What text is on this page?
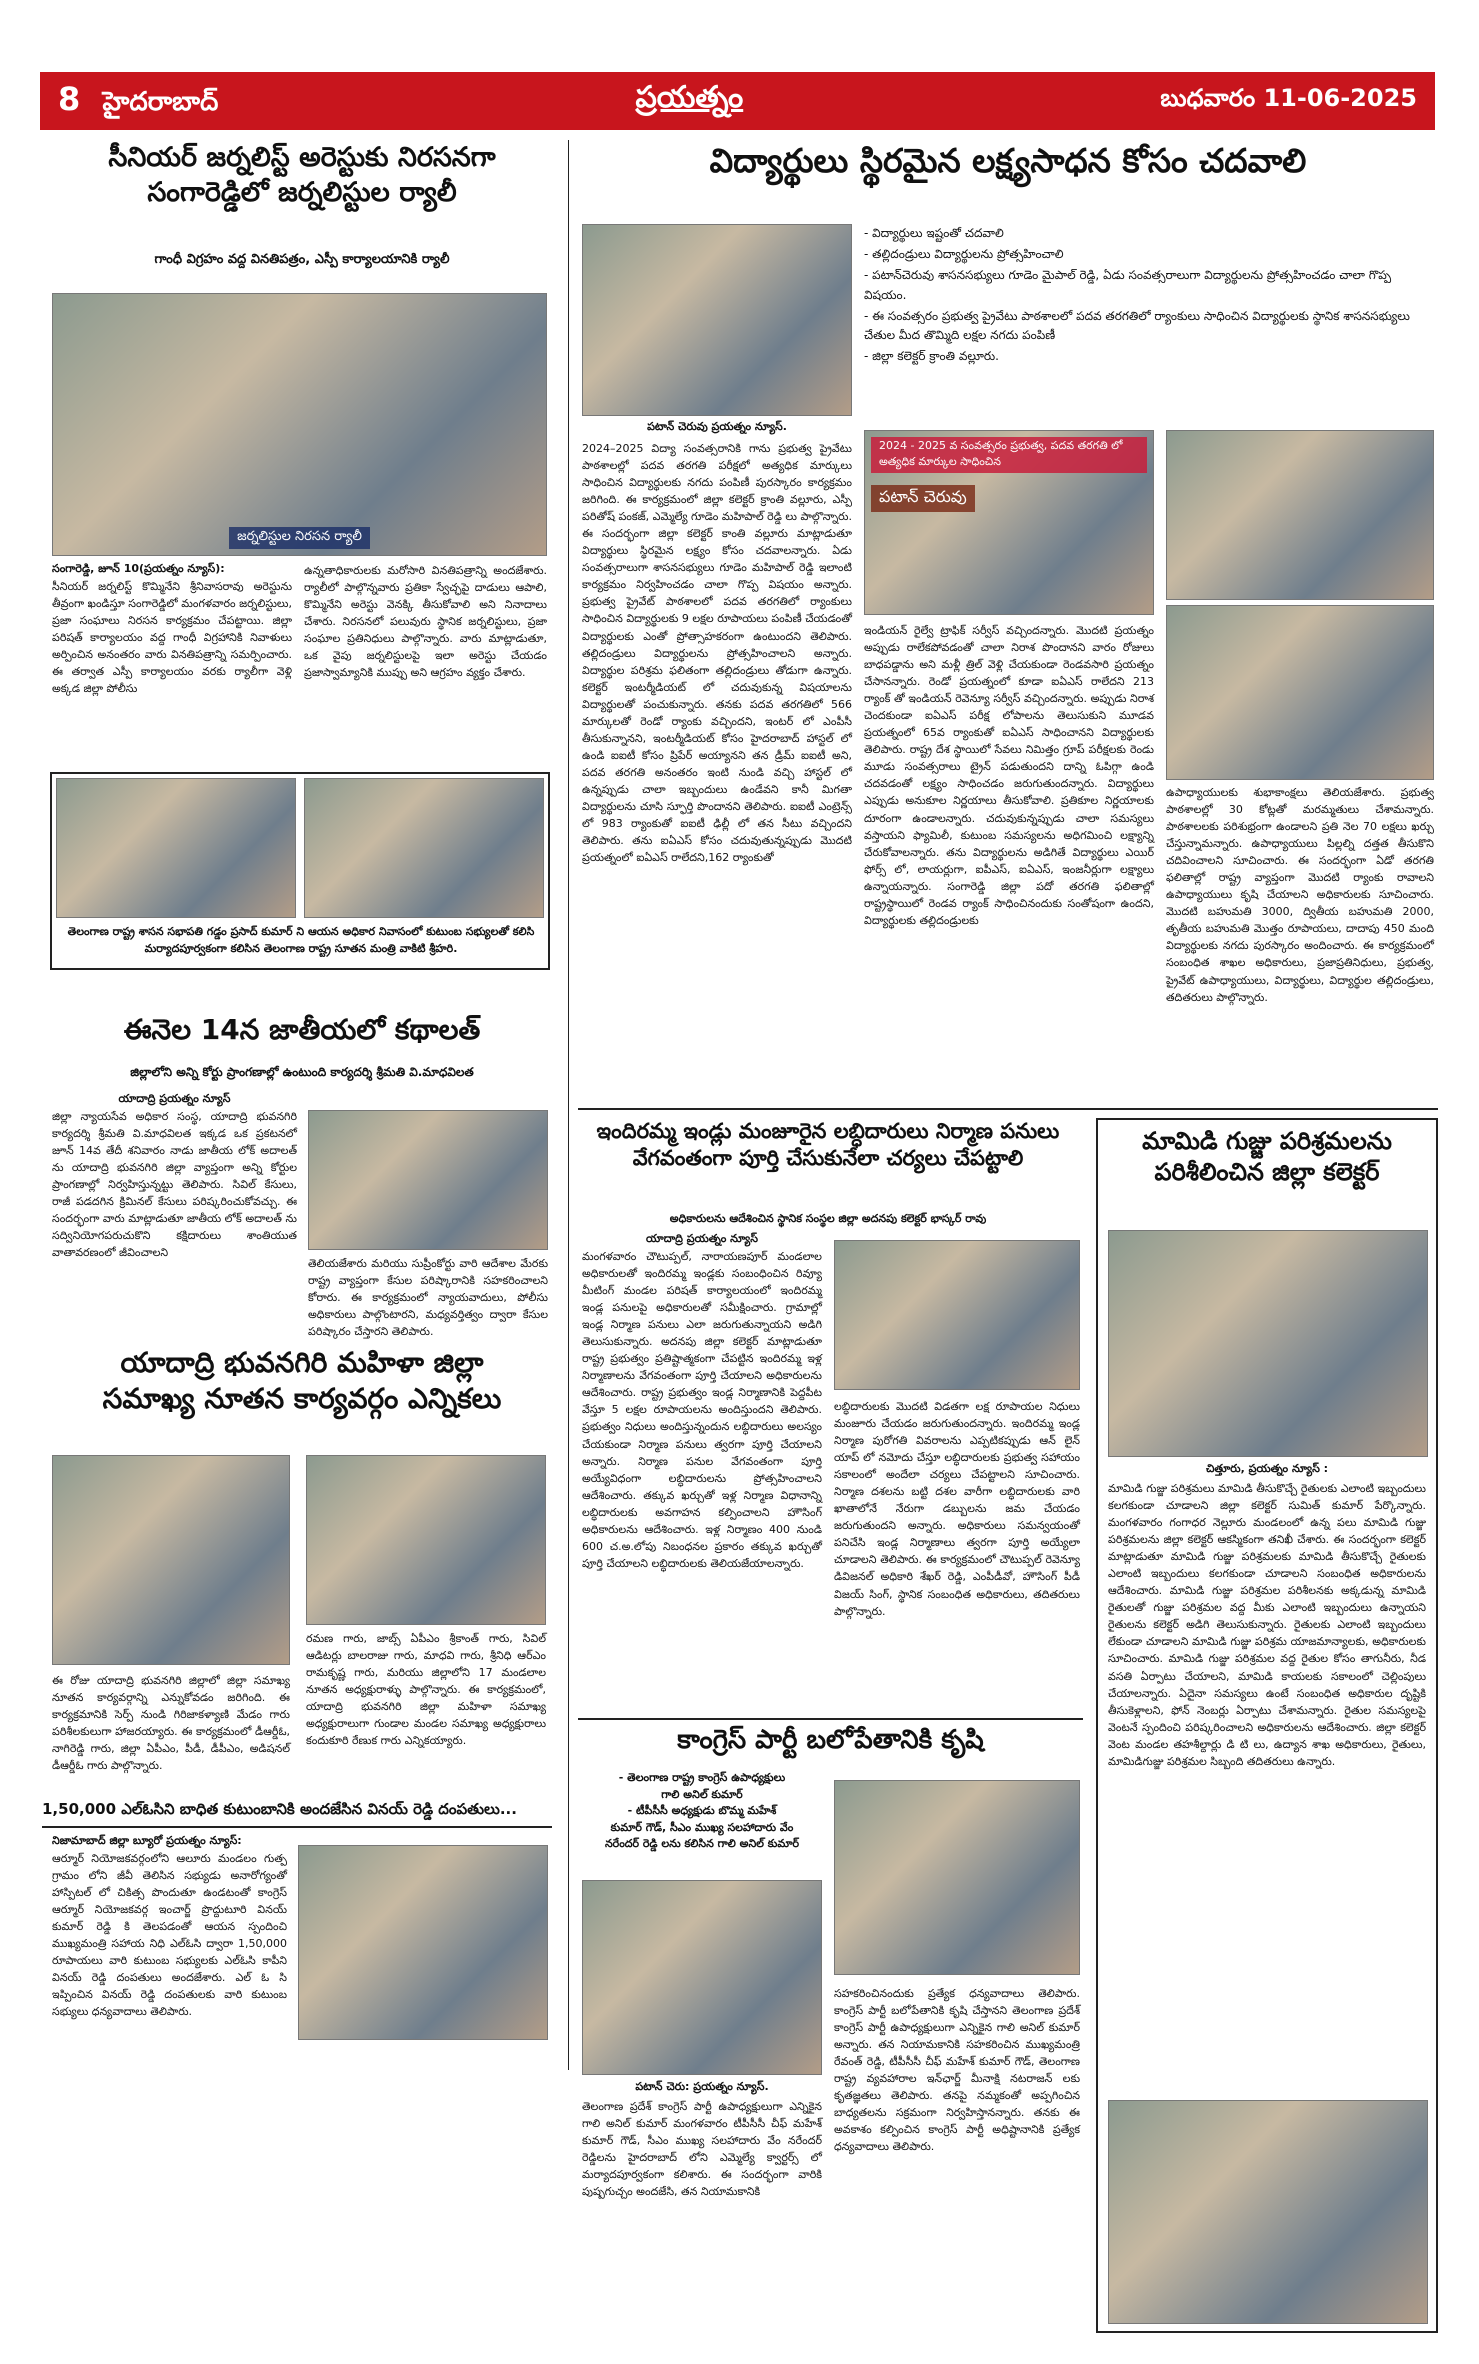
8 హైదరాబాద్	ప్రయత్నం	బుధవారం 11-06-2025
సీనియర్ జర్నలిస్ట్ అరెస్టుకు నిరసనగా
సంగారెడ్డిలో జర్నలిస్టుల ర్యాలీ
గాంధీ విగ్రహం వద్ద వినతిపత్రం, ఎస్పీ కార్యాలయానికి ర్యాలీ
జర్నలిస్టుల నిరసన ర్యాలీ
సంగారెడ్డి, జూన్ 10(ప్రయత్నం న్యూస్):
సీనియర్ జర్నలిస్ట్ కొమ్మినేని శ్రీనివాసరావు అరెస్టును తీవ్రంగా ఖండిస్తూ సంగారెడ్డిలో మంగళవారం జర్నలిస్టులు, ప్రజా సంఘాలు నిరసన కార్యక్రమం చేపట్టాయి. జిల్లా పరిషత్ కార్యాలయం వద్ద గాంధీ విగ్రహానికి నివాళులు అర్పించిన అనంతరం వారు వినతిపత్రాన్ని సమర్పించారు. ఈ తర్వాత ఎస్పీ కార్యాలయం వరకు ర్యాలీగా వెళ్లి అక్కడ జిల్లా పోలీసు
ఉన్నతాధికారులకు మరోసారి వినతిపత్రాన్ని అందజేశారు. ర్యాలీలో పాల్గొన్నవారు ప్రతికా స్వేచ్ఛపై దాడులు ఆపాలి, కొమ్మినేని అరెస్టు వెనక్కి తీసుకోవాలి అని నినాదాలు చేశారు. నిరసనలో పలువురు స్థానిక జర్నలిస్టులు, ప్రజా సంఘాల ప్రతినిధులు పాల్గొన్నారు. వారు మాట్లాడుతూ, ఒక వైపు జర్నలిస్టులపై ఇలా అరెస్టు చేయడం ప్రజాస్వామ్యానికి ముప్పు అని ఆగ్రహం వ్యక్తం చేశారు.
తెలంగాణ రాష్ట్ర శాసన సభాపతి గడ్డం ప్రసాద్ కుమార్ ని ఆయన అధికార నివాసంలో కుటుంబ సభ్యులతో కలిసి మర్యాదపూర్వకంగా కలిసిన తెలంగాణ రాష్ట్ర సూతన మంత్రి వాకిటి శ్రీహరి.
ఈనెల 14న జాతీయలో కథాలత్
జిల్లాలోని అన్ని కోర్టు ప్రాంగణాల్లో ఉంటుంది కార్యదర్శి శ్రీమతి వి.మాధవిలత
యాదాద్రి ప్రయత్నం న్యూస్
జిల్లా న్యాయసేవ అధికార సంస్థ, యాదాద్రి భువనగిరి కార్యదర్శి శ్రీమతి వి.మాధవిలత ఇక్కడ ఒక ప్రకటనలో జూన్ 14వ తేదీ శనివారం నాడు జాతీయ లోక్ అదాలత్ ను యాదాద్రి భువనగిరి జిల్లా వ్యాప్తంగా అన్ని కోర్టుల ప్రాంగణాల్లో నిర్వహిస్తున్నట్టు తెలిపారు. సివిల్ కేసులు, రాజీ పడదగిన క్రిమినల్ కేసులు పరిష్కరించుకోవచ్చు. ఈ సందర్భంగా వారు మాట్లాడుతూ జాతీయ లోక్ అదాలత్ ను సద్వినియోగపరుచుకొని కక్షిదారులు శాంతియుత వాతావరణంలో జీవించాలని
తెలియజేశారు మరియు సుప్రీంకోర్టు వారి ఆదేశాల మేరకు రాష్ట్ర వ్యాప్తంగా కేసుల పరిష్కారానికి సహకరించాలని కోరారు. ఈ కార్యక్రమంలో న్యాయవాదులు, పోలీసు అధికారులు పాల్గొంటారని, మధ్యవర్తిత్వం ద్వారా కేసుల పరిష్కారం చేస్తారని తెలిపారు.
యాదాద్రి భువనగిరి మహిళా జిల్లా
సమాఖ్య నూతన కార్యవర్గం ఎన్నికలు
ఈ రోజు యాదాద్రి భువనగిరి జిల్లాలో జిల్లా సమాఖ్య నూతన కార్యవర్గాన్ని ఎన్నుకోవడం జరిగింది. ఈ కార్యక్రమానికి సెర్ప్ నుండి గిరిజాకళ్యాణి మేడం గారు పరిశీలకులుగా హాజరయ్యారు. ఈ కార్యక్రమంలో డీఆర్డీఓ, నాగిరెడ్డి గారు, జిల్లా ఏపీఎం, పీడీ, డీపీఎం, అడిషనల్ డీఆర్డీఓ గారు పాల్గొన్నారు.
రమణ గారు, జాబ్స్ ఏపీఎం శ్రీకాంత్ గారు, సివిల్ ఆడిటర్లు బాలరాజు గారు, మాధవి గారు, శ్రీనిధి ఆర్ఎం రామకృష్ణ గారు, మరియు జిల్లాలోని 17 మండలాల నూతన అధ్యక్షురాళ్ళు పాల్గొన్నారు. ఈ కార్యక్రమంలో, యాదాద్రి భువనగిరి జిల్లా మహిళా సమాఖ్య అధ్యక్షురాలుగా గుండాల మండల సమాఖ్య అధ్యక్షురాలు కందుకూరి రేణుక గారు ఎన్నికయ్యారు.
1,50,000 ఎల్ఓసిని బాధిత కుటుంబానికి అందజేసిన వినయ్ రెడ్డి దంపతులు...
నిజామాబాద్ జిల్లా బ్యూరో ప్రయత్నం న్యూస్:
ఆర్మూర్ నియోజకవర్గంలోని ఆలూరు మండలం గుత్ప గ్రామం లోని జీవీ తెలిసిన సభ్యుడు అనారోగ్యంతో హాస్పిటల్ లో చికిత్స పొందుతూ ఉండటంతో కాంగ్రెస్ ఆర్మూర్ నియోజకవర్గ ఇంచార్జ్ ప్రొద్దుటూరి వినయ్ కుమార్ రెడ్డి కి తెలపడంతో ఆయన స్పందించి ముఖ్యమంత్రి సహాయ నిధి ఎల్ఓసి ద్వారా 1,50,000 రూపాయలు వారి కుటుంబ సభ్యులకు ఎల్ఓసి కాపీని వినయ్ రెడ్డి దంపతులు అందజేశారు. ఎల్ ఓ సి ఇప్పించిన వినయ్ రెడ్డి దంపతులకు వారి కుటుంబ సభ్యులు ధన్యవాదాలు తెలిపారు.
విద్యార్థులు స్థిరమైన లక్ష్యసాధన కోసం చదవాలి
పటాన్ చెరువు ప్రయత్నం న్యూస్.
- విద్యార్థులు ఇష్టంతో చదవాలి
- తల్లిదండ్రులు విద్యార్థులను ప్రోత్సహించాలి
- పటాన్‌చెరువు శాసనసభ్యులు గూడెం మైపాల్ రెడ్డి, ఏడు సంవత్సరాలుగా విద్యార్థులను ప్రోత్సహించడం చాలా గొప్ప విషయం.
- ఈ సంవత్సరం ప్రభుత్వ ప్రైవేటు పాఠశాలలో పదవ తరగతిలో ర్యాంకులు సాధించిన విద్యార్థులకు స్థానిక శాసనసభ్యులు చేతుల మీద తొమ్మిది లక్షల నగదు పంపిణీ
- జిల్లా కలెక్టర్ క్రాంతి వల్లూరు.
2024–2025 విద్యా సంవత్సరానికి గాను ప్రభుత్వ ప్రైవేటు పాఠశాలల్లో పదవ తరగతి పరీక్షలో అత్యధిక మార్కులు సాధించిన విద్యార్థులకు నగదు పంపిణీ పురస్కారం కార్యక్రమం జరిగింది. ఈ కార్యక్రమంలో జిల్లా కలెక్టర్ క్రాంతి వల్లూరు, ఎస్పీ పరితోష్ పంకజ్, ఎమ్మెల్యే గూడెం మహిపాల్ రెడ్డి లు పాల్గొన్నారు. ఈ సందర్భంగా జిల్లా కలెక్టర్ కాంతి వల్లూరు మాట్లాడుతూ విద్యార్థులు స్థిరమైన లక్ష్యం కోసం చదవాలన్నారు. ఏడు సంవత్సరాలుగా శాసనసభ్యులు గూడెం మహిపాల్ రెడ్డి ఇలాంటి కార్యక్రమం నిర్వహించడం చాలా గొప్ప విషయం అన్నారు. ప్రభుత్వ ప్రైవేట్ పాఠశాలలో పదవ తరగతిలో ర్యాంకులు సాధించిన విద్యార్థులకు 9 లక్షల రూపాయలు పంపిణీ చేయడంతో విద్యార్థులకు ఎంతో ప్రోత్సాహకరంగా ఉంటుందని తెలిపారు. తల్లిదండ్రులు విద్యార్థులను ప్రోత్సహించాలని అన్నారు. విద్యార్థుల పరిశ్రమ ఫలితంగా తల్లిదండ్రులు తోడుగా ఉన్నారు. కలెక్టర్ ఇంటర్మీడియట్ లో చదువుకున్న విషయాలను విద్యార్థులతో పంచుకున్నారు. తనకు పదవ తరగతిలో 566 మార్కులతో రెండో ర్యాంకు వచ్చిందని, ఇంటర్ లో ఎంపీసీ తీసుకున్నానని, ఇంటర్మీడియట్ కోసం హైదరాబాద్ హాస్టల్ లో ఉండి ఐఐటీ కోసం ప్రిపేర్ అయ్యానని తన డ్రీమ్ ఐఐటీ అని, పదవ తరగతి అనంతరం ఇంటి నుండి వచ్చి హాస్టల్ లో ఉన్నప్పుడు చాలా ఇబ్బందులు ఉండేవని కానీ మిగతా విద్యార్థులను చూసి స్ఫూర్తి పొందానని తెలిపారు. ఐఐటీ ఎంట్రెన్స్ లో 983 ర్యాంకుతో ఐఐటీ ఢిల్లీ లో తన సీటు వచ్చిందని తెలిపారు. తను ఐఏఎస్ కోసం చదువుతున్నప్పుడు మొదటి ప్రయత్నంలో ఐఏఎస్ రాలేదని,162 ర్యాంకుతో
2024 - 2025 వ సంవత్సరం ప్రభుత్వ, పదవ తరగతి లో అత్యధిక మార్కుల సాధించిన
పటాన్ చెరువు
ఇండియన్ రైల్వే ట్రాఫిక్ సర్వీస్ వచ్చిందన్నారు. మొదటి ప్రయత్నం అప్పుడు రాలేకపోవడంతో చాలా నిరాశ పొందానని వారం రోజులు బాధపడ్డాను అని మళ్లీ త్రిల్ వెళ్లి చేయకుండా రెండవసారి ప్రయత్నం చేసానన్నారు. రెండో ప్రయత్నంలో కూడా ఐఏఎస్ రాలేదని 213 ర్యాంక్ తో ఇండియన్ రెవెన్యూ సర్వీస్ వచ్చిందన్నారు. అప్పుడు నిరాశ చెందకుండా ఐఏఎస్ పరీక్ష లోపాలను తెలుసుకుని మూడవ ప్రయత్నంలో 65వ ర్యాంకుతో ఐఏఎస్ సాధించానని విద్యార్థులకు తెలిపారు. రాష్ట్ర దేశ స్థాయిలో సేవలు నిమిత్తం గ్రూప్ పరీక్షలకు రెండు మూడు సంవత్సరాలు ట్రైన్ పడుతుందని దాన్ని ఓపిగ్గా ఉండి చదవడంతో లక్ష్యం సాధించడం జరుగుతుందన్నారు. విద్యార్థులు ఎప్పుడు అనుకూల నిర్ణయాలు తీసుకోవాలి. ప్రతికూల నిర్ణయాలకు దూరంగా ఉండాలన్నారు. చదువుకున్నప్పుడు చాలా సమస్యలు వస్తాయని ఫ్యామిలీ, కుటుంబ సమస్యలను అధిగమించి లక్ష్యాన్ని చేరుకోవాలన్నారు. తను విద్యార్థులను అడిగితే విద్యార్థులు ఎయిర్ ఫోర్స్ లో, లాయర్లుగా, ఐపీఎస్, ఐఏఎస్, ఇంజనీర్లుగా లక్ష్యాలు ఉన్నాయన్నారు. సంగారెడ్డి జిల్లా పదో తరగతి ఫలితాల్లో రాష్ట్రస్థాయిలో రెండవ ర్యాంక్ సాధించినందుకు సంతోషంగా ఉందని, విద్యార్థులకు తల్లిదండ్రులకు
ఉపాధ్యాయులకు శుభాకాంక్షలు తెలియజేశారు. ప్రభుత్వ పాఠశాలల్లో 30 కోట్లతో మరమ్మతులు చేశామన్నారు. పాఠశాలలకు పరిశుభ్రంగా ఉండాలని ప్రతి నెల 70 లక్షలు ఖర్చు చేస్తున్నామన్నారు. ఉపాధ్యాయులు పిల్లల్ని దత్తత తీసుకొని చదివించాలని సూచించారు. ఈ సందర్భంగా ఏడో తరగతి ఫలితాల్లో రాష్ట్ర వ్యాప్తంగా మొదటి ర్యాంకు రావాలని ఉపాధ్యాయులు కృషి చేయాలని అధికారులకు సూచించారు. మొదటి బహుమతి 3000, ద్వితీయ బహుమతి 2000, తృతీయ బహుమతి మొత్తం రూపాయలు, దాదాపు 450 మంది విద్యార్థులకు నగదు పురస్కారం అందించారు. ఈ కార్యక్రమంలో సంబంధిత శాఖల అధికారులు, ప్రజాప్రతినిధులు, ప్రభుత్వ, ప్రైవేట్ ఉపాధ్యాయులు, విద్యార్థులు, విద్యార్థుల తల్లిదండ్రులు, తదితరులు పాల్గొన్నారు.
ఇందిరమ్మ ఇండ్లు మంజూరైన లబ్ధిదారులు నిర్మాణ పనులు
వేగవంతంగా పూర్తి చేసుకునేలా చర్యలు చేపట్టాలి
అధికారులను ఆదేశించిన స్థానిక సంస్థల జిల్లా అదనపు కలెక్టర్ భాస్కర్ రావు
యాదాద్రి ప్రయత్నం న్యూస్
మంగళవారం చౌటుప్పల్, నారాయణపూర్ మండలాల అధికారులతో ఇందిరమ్మ ఇండ్లకు సంబంధించిన రివ్యూ మీటింగ్ మండల పరిషత్ కార్యాలయంలో ఇందిరమ్మ ఇండ్ల పనులపై అధికారులతో సమీక్షించారు. గ్రామాల్లో ఇండ్ల నిర్మాణ పనులు ఎలా జరుగుతున్నాయని అడిగి తెలుసుకున్నారు. అదనపు జిల్లా కలెక్టర్ మాట్లాడుతూ రాష్ట్ర ప్రభుత్వం ప్రతిష్టాత్మకంగా చేపట్టిన ఇందిరమ్మ ఇళ్ల నిర్మాణాలను వేగవంతంగా పూర్తి చేయాలని అధికారులను ఆదేశించారు. రాష్ట్ర ప్రభుత్వం ఇండ్ల నిర్మాణానికి పెద్దపీట వేస్తూ 5 లక్షల రూపాయలను అందిస్తుందని తెలిపారు. ప్రభుత్వం నిధులు అందిస్తున్నందున లబ్ధిదారులు అలస్యం చేయకుండా నిర్మాణ పనులు త్వరగా పూర్తి చేయాలని అన్నారు. నిర్మాణ పనుల వేగవంతంగా పూర్తి అయ్యేవిధంగా లబ్ధిదారులను ప్రోత్సహించాలని ఆదేశించారు. తక్కువ ఖర్చుతో ఇళ్ల నిర్మాణ విధానాన్ని లబ్ధిదారులకు అవగాహన కల్పించాలని హౌసింగ్ అధికారులను ఆదేశించారు. ఇళ్ల నిర్మాణం 400 నుండి 600 చ.అ.లోపు నిబంధనల ప్రకారం తక్కువ ఖర్చుతో పూర్తి చేయాలని లబ్ధిదారులకు తెలియజేయాలన్నారు.
లబ్ధిదారులకు మొదటి విడతగా లక్ష రూపాయల నిధులు మంజూరు చేయడం జరుగుతుందన్నారు. ఇందిరమ్మ ఇండ్ల నిర్మాణ పురోగతి వివరాలను ఎప్పటికప్పుడు ఆన్ లైన్ యాప్ లో నమోదు చేస్తూ లబ్ధిదారులకు ప్రభుత్వ సహాయం సకాలంలో అందేలా చర్యలు చేపట్టాలని సూచించారు. నిర్మాణ దశలను బట్టి దశల వారీగా లబ్ధిదారులకు వారి ఖాతాలోనే నేరుగా డబ్బులను జమ చేయడం జరుగుతుందని అన్నారు. అధికారులు సమన్వయంతో పనిచేసి ఇండ్ల నిర్మాణాలు త్వరగా పూర్తి అయ్యేలా చూడాలని తెలిపారు. ఈ కార్యక్రమంలో చౌటుప్పల్ రెవెన్యూ డివిజనల్ అధికారి శేఖర్ రెడ్డి, ఎంపీడీవో, హౌసింగ్ పీడీ విజయ్ సింగ్, స్థానిక సంబంధిత అధికారులు, తదితరులు పాల్గొన్నారు.
కాంగ్రెస్ పార్టీ బలోపేతానికి కృషి
- తెలంగాణ రాష్ట్ర కాంగ్రెస్ ఉపాధ్యక్షులు
గాలి అనిల్ కుమార్
- టీపీసీసీ అధ్యక్షుడు బొమ్మ మహేశ్
కుమార్ గౌడ్, సీఎం ముఖ్య సలహాదారు వేం
నరేందర్ రెడ్డి లను కలిసిన గాలి అనిల్ కుమార్
పటాన్ చెరు: ప్రయత్నం న్యూస్.
తెలంగాణ ప్రదేశ్ కాంగ్రెస్ పార్టీ ఉపాధ్యక్షులుగా ఎన్నికైన గాలి అనిల్ కుమార్ మంగళవారం టీపీసీసీ చీఫ్ మహేశ్ కుమార్ గౌడ్, సీఎం ముఖ్య సలహాదారు వేం నరేందర్ రెడ్డిలను హైదరాబాద్ లోని ఎమ్మెల్యే క్వార్టర్స్ లో మర్యాదపూర్వకంగా కలిశారు. ఈ సందర్భంగా వారికి పుష్పగుచ్చం అందజేసి, తన నియామకానికి
సహకరించినందుకు ప్రత్యేక ధన్యవాదాలు తెలిపారు. కాంగ్రెస్ పార్టీ బలోపేతానికి కృషి చేస్తానని తెలంగాణ ప్రదేశ్ కాంగ్రెస్ పార్టీ ఉపాధ్యక్షులుగా ఎన్నికైన గాలి అనిల్ కుమార్ అన్నారు. తన నియామకానికి సహకరించిన ముఖ్యమంత్రి రేవంత్ రెడ్డి, టీపీసీసీ చీఫ్ మహేశ్ కుమార్ గౌడ్, తెలంగాణ రాష్ట్ర వ్యవహారాల ఇన్‌ఛార్జ్ మీనాక్షి నటరాజన్ లకు కృతజ్ఞతలు తెలిపారు. తనపై నమ్మకంతో అప్పగించిన బాధ్యతలను సక్రమంగా నిర్వహిస్తానన్నారు. తనకు ఈ అవకాశం కల్పించిన కాంగ్రెస్ పార్టీ అధిష్టానానికి ప్రత్యేక ధన్యవాదాలు తెలిపారు.
మామిడి గుజ్జు పరిశ్రమలను
పరిశీలించిన జిల్లా కలెక్టర్
చిత్తూరు, ప్రయత్నం న్యూస్ :
మామిడి గుజ్జు పరిశ్రమలు మామిడి తీసుకొచ్చే రైతులకు ఎలాంటి ఇబ్బందులు కలగకుండా చూడాలని జిల్లా కలెక్టర్ సుమిత్ కుమార్ పేర్కొన్నారు. మంగళవారం గంగాధర నెల్లూరు మండలంలో ఉన్న పలు మామిడి గుజ్జు పరిశ్రమలను జిల్లా కలెక్టర్ ఆకస్మికంగా తనిఖీ చేశారు. ఈ సందర్భంగా కలెక్టర్ మాట్లాడుతూ మామిడి గుజ్జు పరిశ్రమలకు మామిడి తీసుకొచ్చే రైతులకు ఎలాంటి ఇబ్బందులు కలగకుండా చూడాలని సంబంధిత అధికారులను ఆదేశించారు. మామిడి గుజ్జు పరిశ్రమల పరిశీలనకు అక్కడున్న మామిడి రైతులతో గుజ్జు పరిశ్రమల వద్ద మీకు ఎలాంటి ఇబ్బందులు ఉన్నాయని రైతులను కలెక్టర్ అడిగి తెలుసుకున్నారు. రైతులకు ఎలాంటి ఇబ్బందులు లేకుండా చూడాలని మామిడి గుజ్జు పరిశ్రమ యాజమాన్యాలకు, అధికారులకు సూచించారు. మామిడి గుజ్జు పరిశ్రమల వద్ద రైతుల కోసం తాగునీరు, నీడ వసతి ఏర్పాటు చేయాలని, మామిడి కాయలకు సకాలంలో చెల్లింపులు చేయాలన్నారు. ఏదైనా సమస్యలు ఉంటే సంబంధిత అధికారుల దృష్టికి తీసుకెళ్లాలని, ఫోన్ నెంబర్లు ఏర్పాటు చేశామన్నారు. రైతుల సమస్యలపై వెంటనే స్పందించి పరిష్కరించాలని అధికారులను ఆదేశించారు. జిల్లా కలెక్టర్ వెంట మండల తహశీల్దార్లు డి టి లు, ఉద్యాన శాఖ అధికారులు, రైతులు, మామిడిగుజ్జు పరిశ్రమల సిబ్బంది తదితరులు ఉన్నారు.
